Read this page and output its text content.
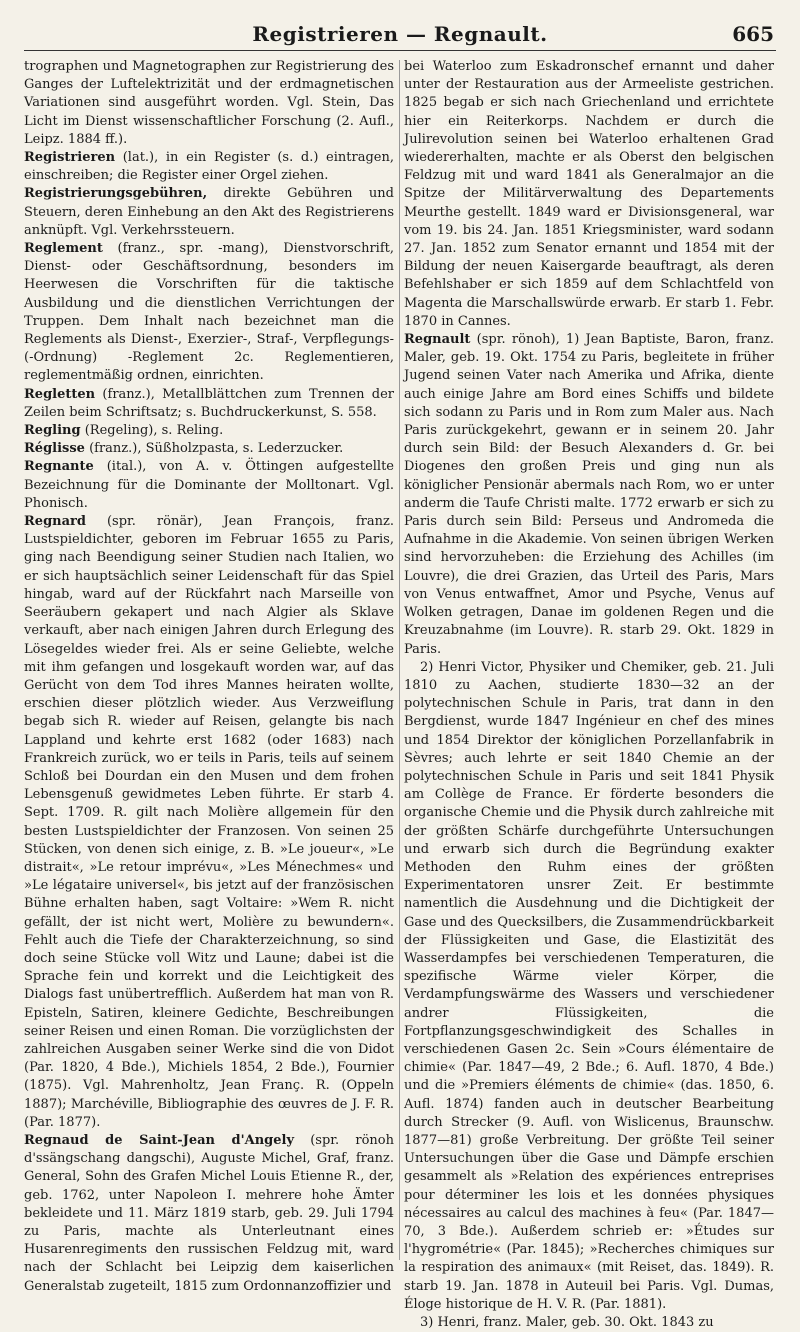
Registrieren — Regnault.	665

trographen und Magnetographen zur Registrierung des Ganges der Luftelektrizität und der erdmagnetischen Variationen sind ausgeführt worden. Vgl. Stein, Das Licht im Dienst wissenschaftlicher Forschung (2. Aufl., Leipz. 1884 ff.).

Registrieren (lat.), in ein Register (s. d.) eintragen, einschreiben; die Register einer Orgel ziehen.

Registrierungsgebühren, direkte Gebühren und Steuern, deren Einhebung an den Akt des Registrierens anknüpft. Vgl. Verkehrssteuern.

Reglement (franz., spr. -mang), Dienstvorschrift, Dienst- oder Geschäftsordnung, besonders im Heerwesen die Vorschriften für die taktische Ausbildung und die dienstlichen Verrichtungen der Truppen. Dem Inhalt nach bezeichnet man die Reglements als Dienst-, Exerzier-, Straf-, Verpflegungs- (-Ordnung) -Reglement 2c. Reglementieren, reglementmäßig ordnen, einrichten.

Regletten (franz.), Metallblättchen zum Trennen der Zeilen beim Schriftsatz; s. Buchdruckerkunst, S. 558.

Regling (Regeling), s. Reling.

Réglisse (franz.), Süßholzpasta, s. Lederzucker.

Regnante (ital.), von A. v. Öttingen aufgestellte Bezeichnung für die Dominante der Molltonart. Vgl. Phonisch.

Regnard (spr. rönär), Jean François, franz. Lustspieldichter, geboren im Februar 1655 zu Paris, ging nach Beendigung seiner Studien nach Italien, wo er sich hauptsächlich seiner Leidenschaft für das Spiel hingab, ward auf der Rückfahrt nach Marseille von Seeräubern gekapert und nach Algier als Sklave verkauft, aber nach einigen Jahren durch Erlegung des Lösegeldes wieder frei. Als er seine Geliebte, welche mit ihm gefangen und losgekauft worden war, auf das Gerücht von dem Tod ihres Mannes heiraten wollte, erschien dieser plötzlich wieder. Aus Verzweiflung begab sich R. wieder auf Reisen, gelangte bis nach Lappland und kehrte erst 1682 (oder 1683) nach Frankreich zurück, wo er teils in Paris, teils auf seinem Schloß bei Dourdan ein den Musen und dem frohen Lebensgenuß gewidmetes Leben führte. Er starb 4. Sept. 1709. R. gilt nach Molière allgemein für den besten Lustspieldichter der Franzosen. Von seinen 25 Stücken, von denen sich einige, z. B. »Le joueur«, »Le distrait«, »Le retour imprévu«, »Les Ménechmes« und »Le légataire universel«, bis jetzt auf der französischen Bühne erhalten haben, sagt Voltaire: »Wem R. nicht gefällt, der ist nicht wert, Molière zu bewundern«. Fehlt auch die Tiefe der Charakterzeichnung, so sind doch seine Stücke voll Witz und Laune; dabei ist die Sprache fein und korrekt und die Leichtigkeit des Dialogs fast unübertrefflich. Außerdem hat man von R. Episteln, Satiren, kleinere Gedichte, Beschreibungen seiner Reisen und einen Roman. Die vorzüglichsten der zahlreichen Ausgaben seiner Werke sind die von Didot (Par. 1820, 4 Bde.), Michiels 1854, 2 Bde.), Fournier (1875). Vgl. Mahrenholtz, Jean Franç. R. (Oppeln 1887); Marchéville, Bibliographie des œuvres de J. F. R. (Par. 1877).

Regnaud de Saint-Jean d'Angely (spr. rönoh d'ssängschang dangschi), Auguste Michel, Graf, franz. General, Sohn des Grafen Michel Louis Etienne R., der, geb. 1762, unter Napoleon I. mehrere hohe Ämter bekleidete und 11. März 1819 starb, geb. 29. Juli 1794 zu Paris, machte als Unterleutnant eines Husarenregiments den russischen Feldzug mit, ward nach der Schlacht bei Leipzig dem kaiserlichen Generalstab zugeteilt, 1815 zum Ordonnanzoffizier und

bei Waterloo zum Eskadronschef ernannt und daher unter der Restauration aus der Armeeliste gestrichen. 1825 begab er sich nach Griechenland und errichtete hier ein Reiterkorps. Nachdem er durch die Julirevolution seinen bei Waterloo erhaltenen Grad wiedererhalten, machte er als Oberst den belgischen Feldzug mit und ward 1841 als Generalmajor an die Spitze der Militärverwaltung des Departements Meurthe gestellt. 1849 ward er Divisionsgeneral, war vom 19. bis 24. Jan. 1851 Kriegsminister, ward sodann 27. Jan. 1852 zum Senator ernannt und 1854 mit der Bildung der neuen Kaisergarde beauftragt, als deren Befehlshaber er sich 1859 auf dem Schlachtfeld von Magenta die Marschallswürde erwarb. Er starb 1. Febr. 1870 in Cannes.

Regnault (spr. rönoh), 1) Jean Baptiste, Baron, franz. Maler, geb. 19. Okt. 1754 zu Paris, begleitete in früher Jugend seinen Vater nach Amerika und Afrika, diente auch einige Jahre am Bord eines Schiffs und bildete sich sodann zu Paris und in Rom zum Maler aus. Nach Paris zurückgekehrt, gewann er in seinem 20. Jahr durch sein Bild: der Besuch Alexanders d. Gr. bei Diogenes den großen Preis und ging nun als königlicher Pensionär abermals nach Rom, wo er unter anderm die Taufe Christi malte. 1772 erwarb er sich zu Paris durch sein Bild: Perseus und Andromeda die Aufnahme in die Akademie. Von seinen übrigen Werken sind hervorzuheben: die Erziehung des Achilles (im Louvre), die drei Grazien, das Urteil des Paris, Mars von Venus entwaffnet, Amor und Psyche, Venus auf Wolken getragen, Danae im goldenen Regen und die Kreuzabnahme (im Louvre). R. starb 29. Okt. 1829 in Paris.

2) Henri Victor, Physiker und Chemiker, geb. 21. Juli 1810 zu Aachen, studierte 1830—32 an der polytechnischen Schule in Paris, trat dann in den Bergdienst, wurde 1847 Ingénieur en chef des mines und 1854 Direktor der königlichen Porzellanfabrik in Sèvres; auch lehrte er seit 1840 Chemie an der polytechnischen Schule in Paris und seit 1841 Physik am Collège de France. Er förderte besonders die organische Chemie und die Physik durch zahlreiche mit der größten Schärfe durchgeführte Untersuchungen und erwarb sich durch die Begründung exakter Methoden den Ruhm eines der größten Experimentatoren unsrer Zeit. Er bestimmte namentlich die Ausdehnung und die Dichtigkeit der Gase und des Quecksilbers, die Zusammendrückbarkeit der Flüssigkeiten und Gase, die Elastizität des Wasserdampfes bei verschiedenen Temperaturen, die spezifische Wärme vieler Körper, die Verdampfungswärme des Wassers und verschiedener andrer Flüssigkeiten, die Fortpflanzungsgeschwindigkeit des Schalles in verschiedenen Gasen 2c. Sein »Cours élémentaire de chimie« (Par. 1847—49, 2 Bde.; 6. Aufl. 1870, 4 Bde.) und die »Premiers éléments de chimie« (das. 1850, 6. Aufl. 1874) fanden auch in deutscher Bearbeitung durch Strecker (9. Aufl. von Wislicenus, Braunschw. 1877—81) große Verbreitung. Der größte Teil seiner Untersuchungen über die Gase und Dämpfe erschien gesammelt als »Relation des expériences entreprises pour déterminer les lois et les données physiques nécessaires au calcul des machines à feu« (Par. 1847—70, 3 Bde.). Außerdem schrieb er: »Études sur l'hygrométrie« (Par. 1845); »Recherches chimiques sur la respiration des animaux« (mit Reiset, das. 1849). R. starb 19. Jan. 1878 in Auteuil bei Paris. Vgl. Dumas, Éloge historique de H. V. R. (Par. 1881).

3) Henri, franz. Maler, geb. 30. Okt. 1843 zu
